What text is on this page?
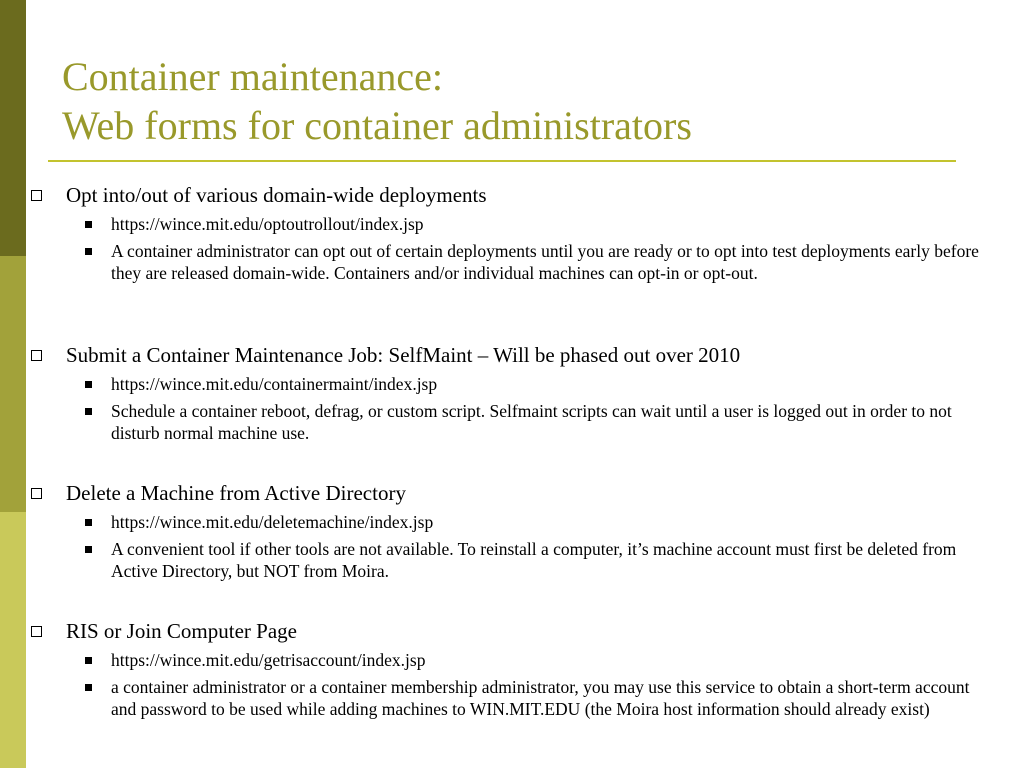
Container maintenance:
Web forms for container administrators
Opt into/out of various domain-wide deployments
https://wince.mit.edu/optoutrollout/index.jsp
A container administrator can opt out of certain deployments until you are ready or to opt into test deployments early before they are released domain-wide. Containers and/or individual machines can opt-in or opt-out.
Submit a Container Maintenance Job: SelfMaint – Will be phased out over 2010
https://wince.mit.edu/containermaint/index.jsp
Schedule a container reboot, defrag, or custom script. Selfmaint scripts can wait until a user is logged out in order to not disturb normal machine use.
Delete a Machine from Active Directory
https://wince.mit.edu/deletemachine/index.jsp
A convenient tool if other tools are not available. To reinstall a computer, it’s machine account must first be deleted from Active Directory, but NOT from Moira.
RIS or Join Computer Page
https://wince.mit.edu/getrisaccount/index.jsp
a container administrator or a container membership administrator, you may use this service to obtain a short-term account and password to be used while adding machines to WIN.MIT.EDU (the Moira host information should already exist)
